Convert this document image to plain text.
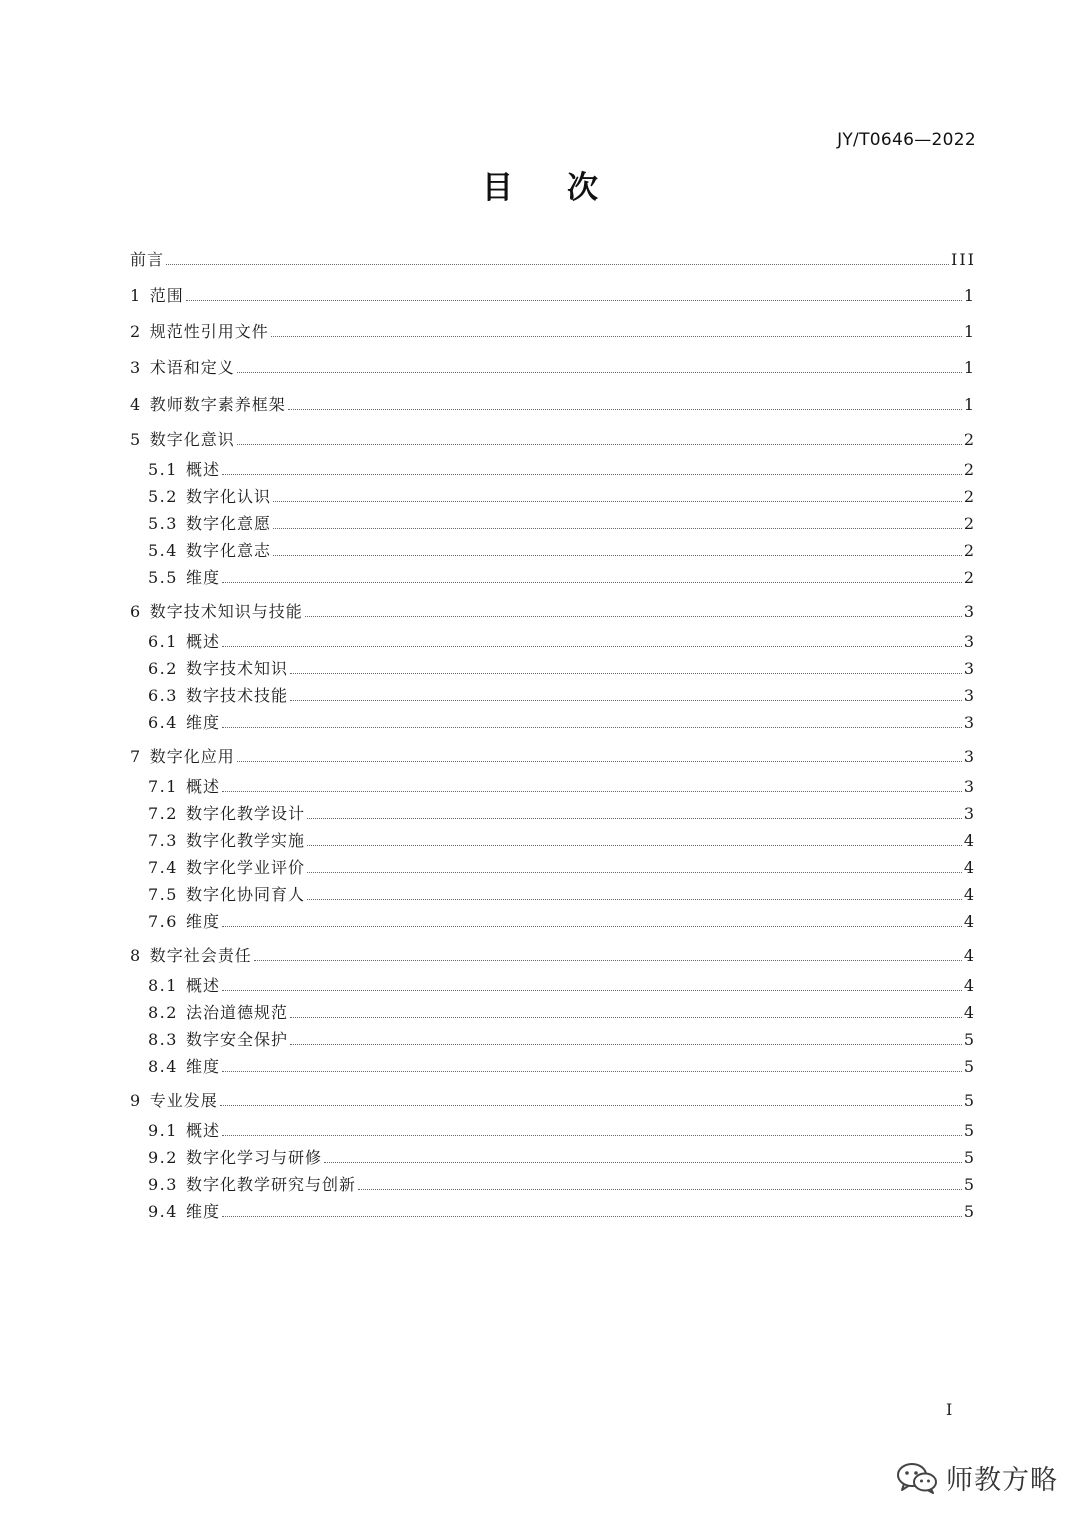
JY/T0646—2022
目次
前言	III
1 范围	1
2 规范性引用文件	1
3 术语和定义	1
4 教师数字素养框架	1
5 数字化意识	2
5.1 概述	2
5.2 数字化认识	2
5.3 数字化意愿	2
5.4 数字化意志	2
5.5 维度	2
6 数字技术知识与技能	3
6.1 概述	3
6.2 数字技术知识	3
6.3 数字技术技能	3
6.4 维度	3
7 数字化应用	3
7.1 概述	3
7.2 数字化教学设计	3
7.3 数字化教学实施	4
7.4 数字化学业评价	4
7.5 数字化协同育人	4
7.6 维度	4
8 数字社会责任	4
8.1 概述	4
8.2 法治道德规范	4
8.3 数字安全保护	5
8.4 维度	5
9 专业发展	5
9.1 概述	5
9.2 数字化学习与研修	5
9.3 数字化教学研究与创新	5
9.4 维度	5
I
师教方略
